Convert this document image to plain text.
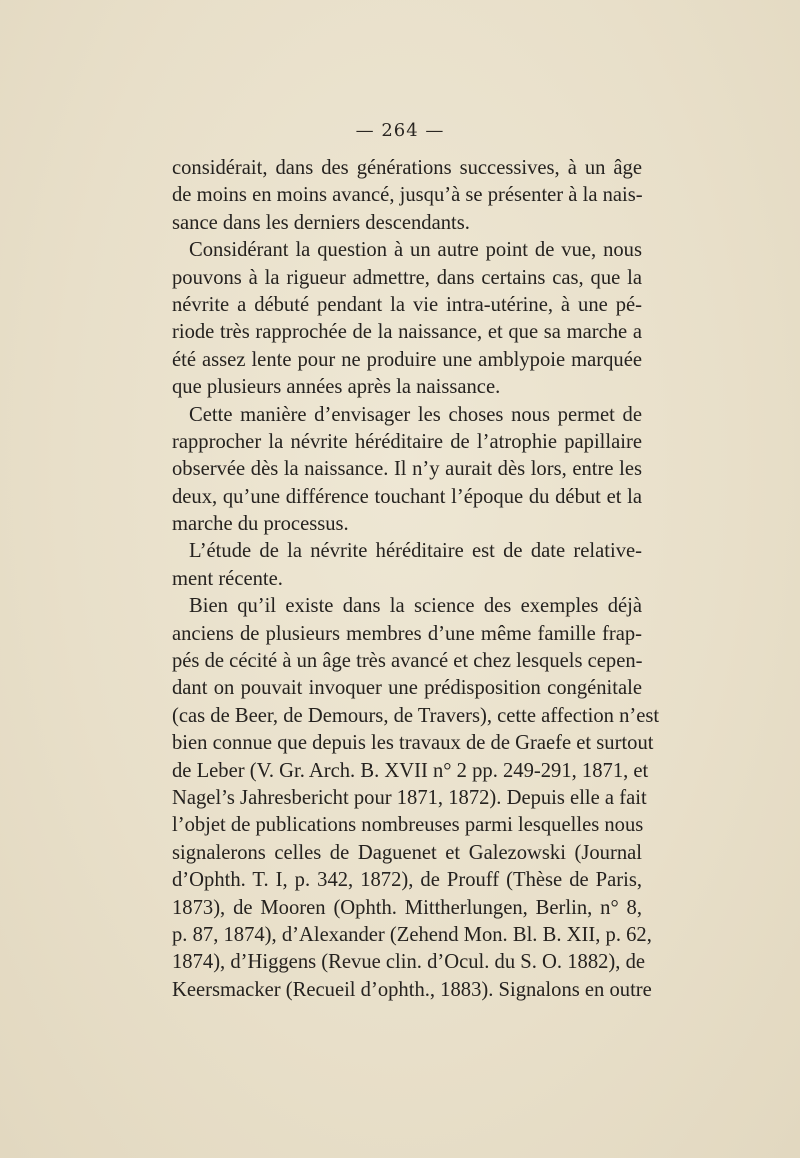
— 264 —
considérait, dans des générations successives, à un âge
de moins en moins avancé, jusqu’à se présenter à la nais-
sance dans les derniers descendants.
Considérant la question à un autre point de vue, nous
pouvons à la rigueur admettre, dans certains cas, que la
névrite a débuté pendant la vie intra-utérine, à une pé-
riode très rapprochée de la naissance, et que sa marche a
été assez lente pour ne produire une amblypoie marquée
que plusieurs années après la naissance.
Cette manière d’envisager les choses nous permet de
rapprocher la névrite héréditaire de l’atrophie papillaire
observée dès la naissance. Il n’y aurait dès lors, entre les
deux, qu’une différence touchant l’époque du début et la
marche du processus.
L’étude de la névrite héréditaire est de date relative-
ment récente.
Bien qu’il existe dans la science des exemples déjà
anciens de plusieurs membres d’une même famille frap-
pés de cécité à un âge très avancé et chez lesquels cepen-
dant on pouvait invoquer une prédisposition congénitale
(cas de Beer, de Demours, de Travers), cette affection n’est
bien connue que depuis les travaux de de Graefe et surtout
de Leber (V. Gr. Arch. B. XVII n° 2 pp. 249-291, 1871, et
Nagel’s Jahresbericht pour 1871, 1872). Depuis elle a fait
l’objet de publications nombreuses parmi lesquelles nous
signalerons celles de Daguenet et Galezowski (Journal
d’Ophth. T. I, p. 342, 1872), de Prouff (Thèse de Paris,
1873), de Mooren (Ophth. Mittherlungen, Berlin, n° 8,
p. 87, 1874), d’Alexander (Zehend Mon. Bl. B. XII, p. 62,
1874), d’Higgens (Revue clin. d’Ocul. du S. O. 1882), de
Keersmacker (Recueil d’ophth., 1883). Signalons en outre
